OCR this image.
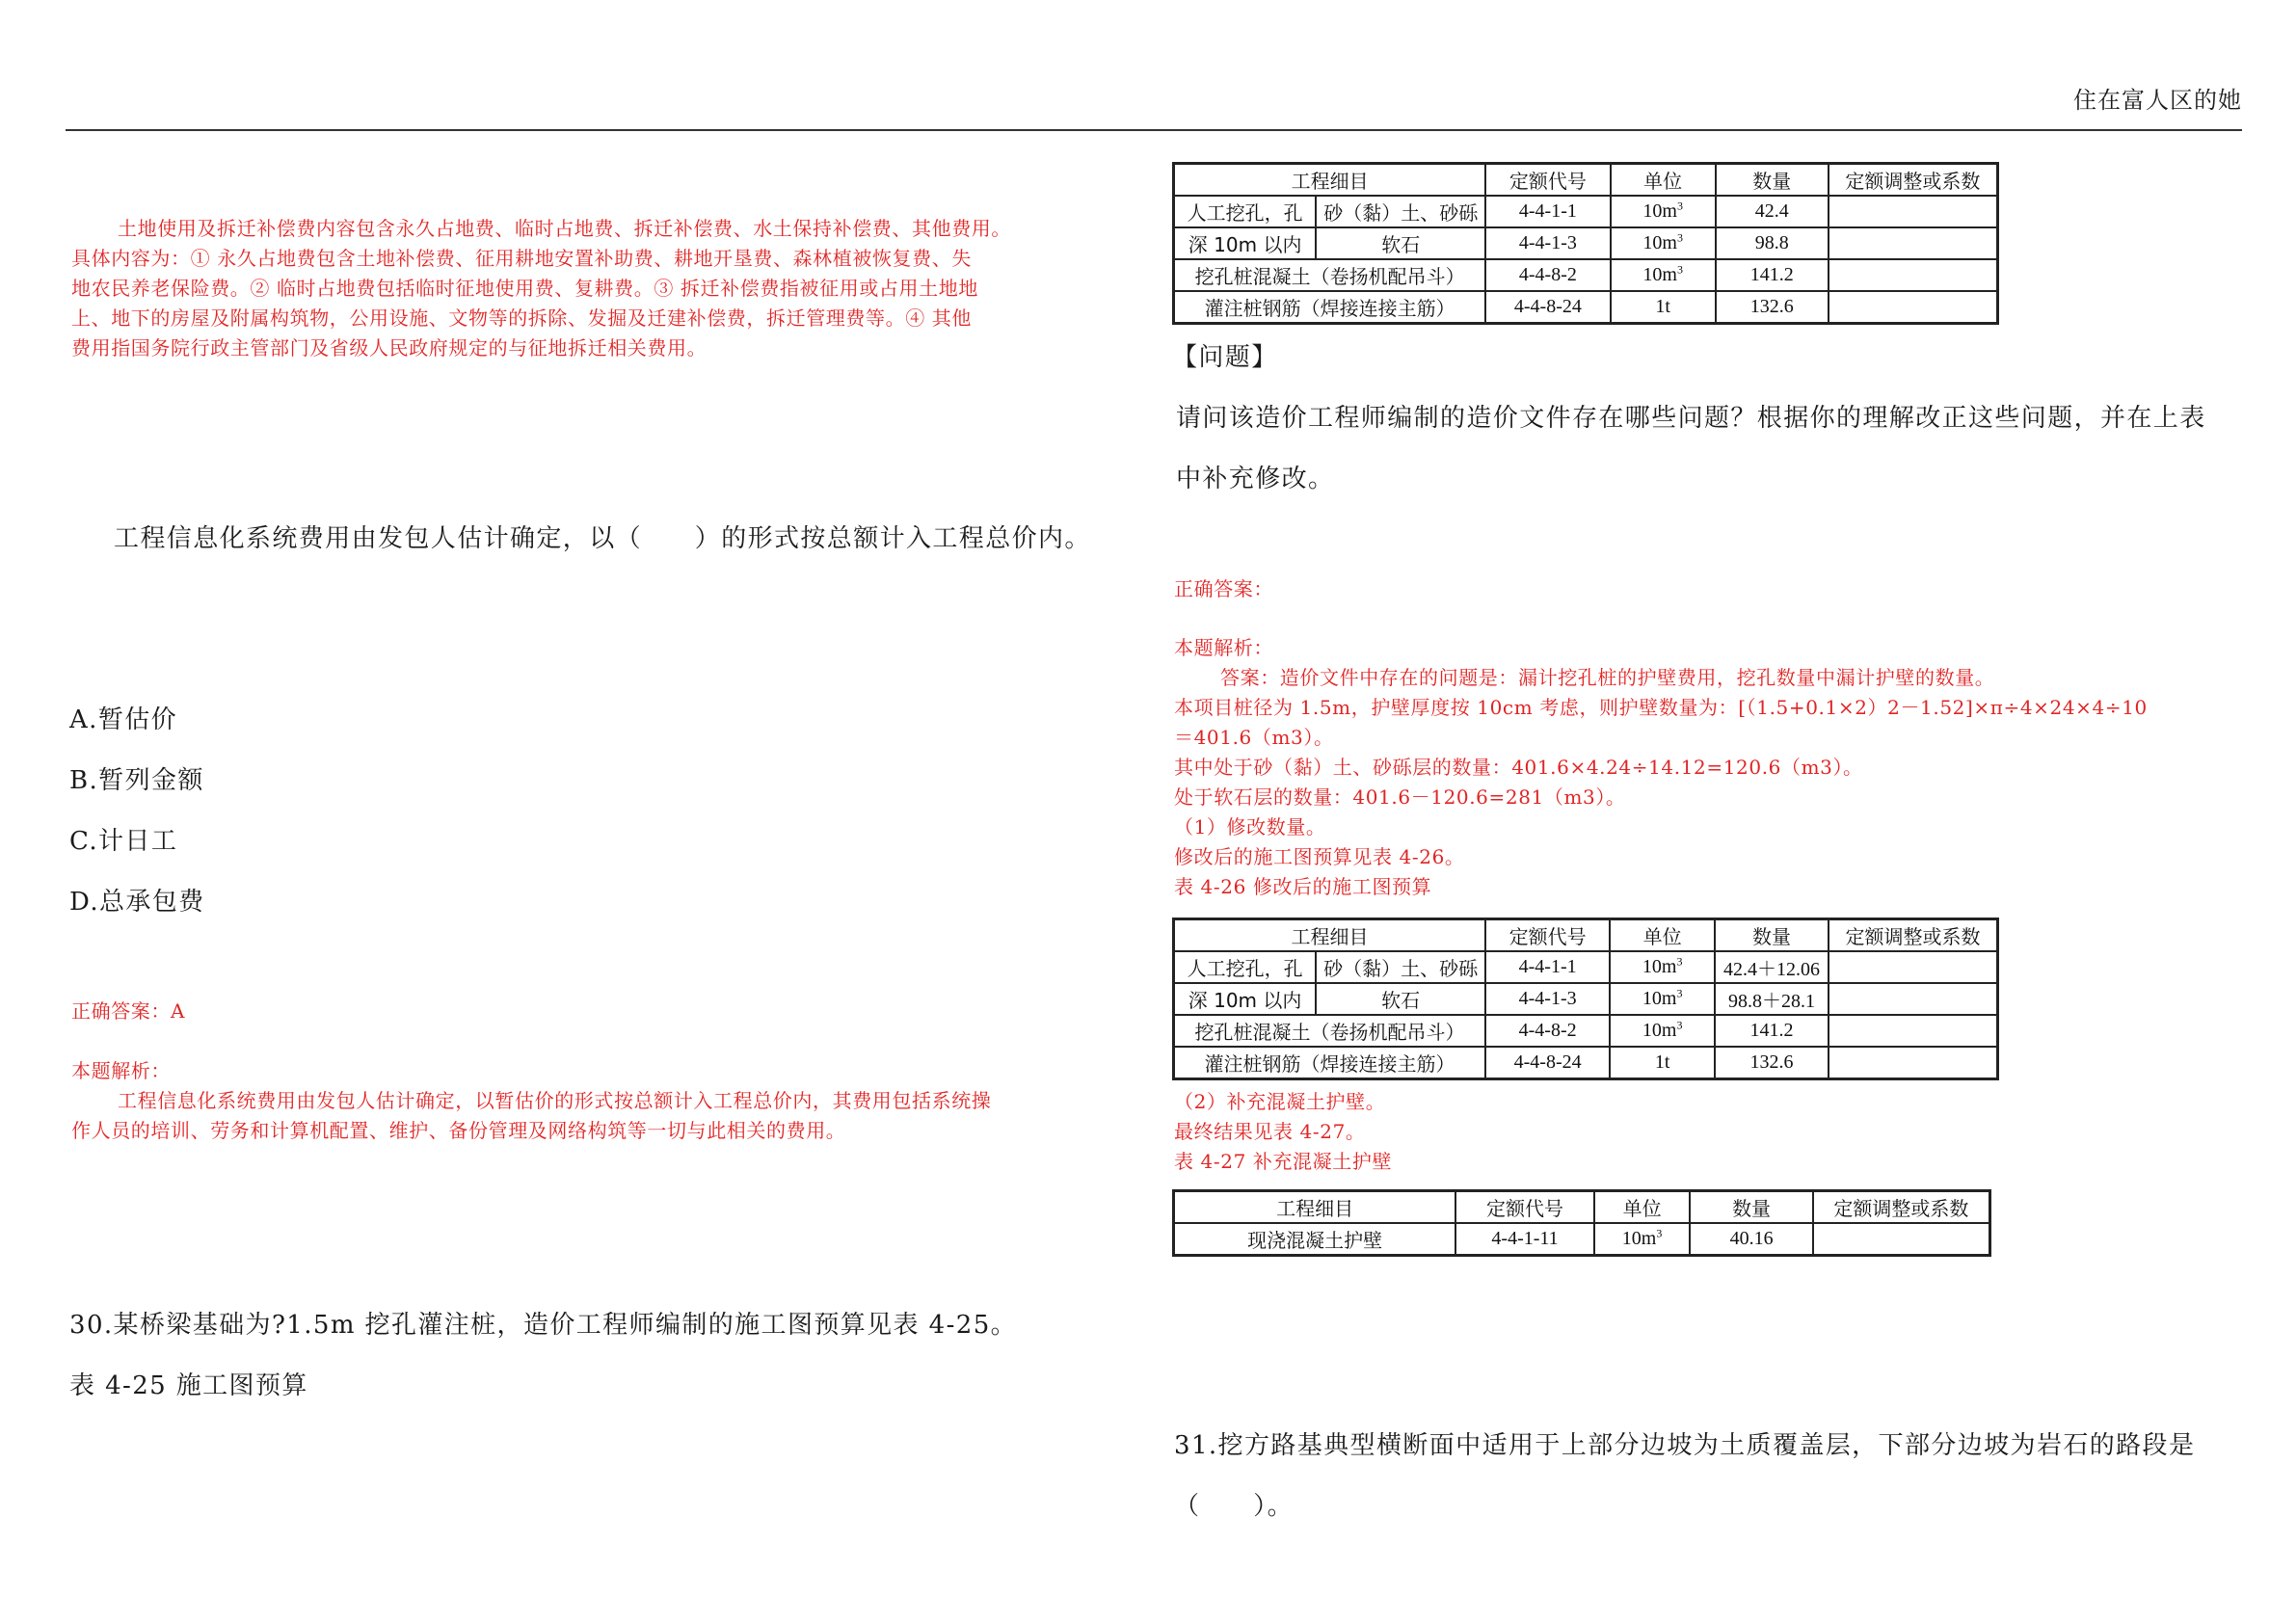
住在富人区的她
土地使用及拆迁补偿费内容包含永久占地费、临时占地费、拆迁补偿费、水土保持补偿费、其他费用。
具体内容为：① 永久占地费包含土地补偿费、征用耕地安置补助费、耕地开垦费、森林植被恢复费、失
地农民养老保险费。② 临时占地费包括临时征地使用费、复耕费。③ 拆迁补偿费指被征用或占用土地地
上、地下的房屋及附属构筑物，公用设施、文物等的拆除、发掘及迁建补偿费，拆迁管理费等。④ 其他
费用指国务院行政主管部门及省级人民政府规定的与征地拆迁相关费用。
工程信息化系统费用由发包人估计确定，以（　　）的形式按总额计入工程总价内。
A.暂估价
B.暂列金额
C.计日工
D.总承包费
正确答案：A
本题解析：
工程信息化系统费用由发包人估计确定，以暂估价的形式按总额计入工程总价内，其费用包括系统操
作人员的培训、劳务和计算机配置、维护、备份管理及网络构筑等一切与此相关的费用。
30.某桥梁基础为?1.5m 挖孔灌注桩，造价工程师编制的施工图预算见表 4-25。
表 4-25 施工图预算
工程细目		定额代号	单位	数量	定额调整或系数
人工挖孔，孔	砂（黏）土、砂砾	4-4-1-1	$10m^3$	42.4	
深 10m 以内	软石	4-4-1-3	$10m^3$	98.8	
挖孔桩混凝土（卷扬机配吊斗）		4-4-8-2	$10m^3$	141.2	
灌注桩钢筋（焊接连接主筋）		4-4-8-24	1t	132.6	
【问题】
请问该造价工程师编制的造价文件存在哪些问题？根据你的理解改正这些问题，并在上表
中补充修改。
正确答案：
本题解析：
答案：造价文件中存在的问题是：漏计挖孔桩的护壁费用，挖孔数量中漏计护壁的数量。
本项目桩径为 1.5m，护壁厚度按 10cm 考虑，则护壁数量为：[（1.5+0.1×2）2－1.52]×π÷4×24×4÷10
＝401.6（m3）。
其中处于砂（黏）土、砂砾层的数量：401.6×4.24÷14.12=120.6（m3）。
处于软石层的数量：401.6－120.6=281（m3）。
（1）修改数量。
修改后的施工图预算见表 4-26。
表 4-26 修改后的施工图预算
工程细目		定额代号	单位	数量	定额调整或系数
人工挖孔，孔	砂（黏）土、砂砾	4-4-1-1	$10m^3$	42.4＋12.06	
深 10m 以内	软石	4-4-1-3	$10m^3$	98.8＋28.1	
挖孔桩混凝土（卷扬机配吊斗）		4-4-8-2	$10m^3$	141.2	
灌注桩钢筋（焊接连接主筋）		4-4-8-24	1t	132.6	
（2）补充混凝土护壁。
最终结果见表 4-27。
表 4-27 补充混凝土护壁
工程细目	定额代号	单位	数量	定额调整或系数
现浇混凝土护壁	4-4-1-11	$10m^3$	40.16	
31.挖方路基典型横断面中适用于上部分边坡为土质覆盖层，下部分边坡为岩石的路段是
（　　）。
